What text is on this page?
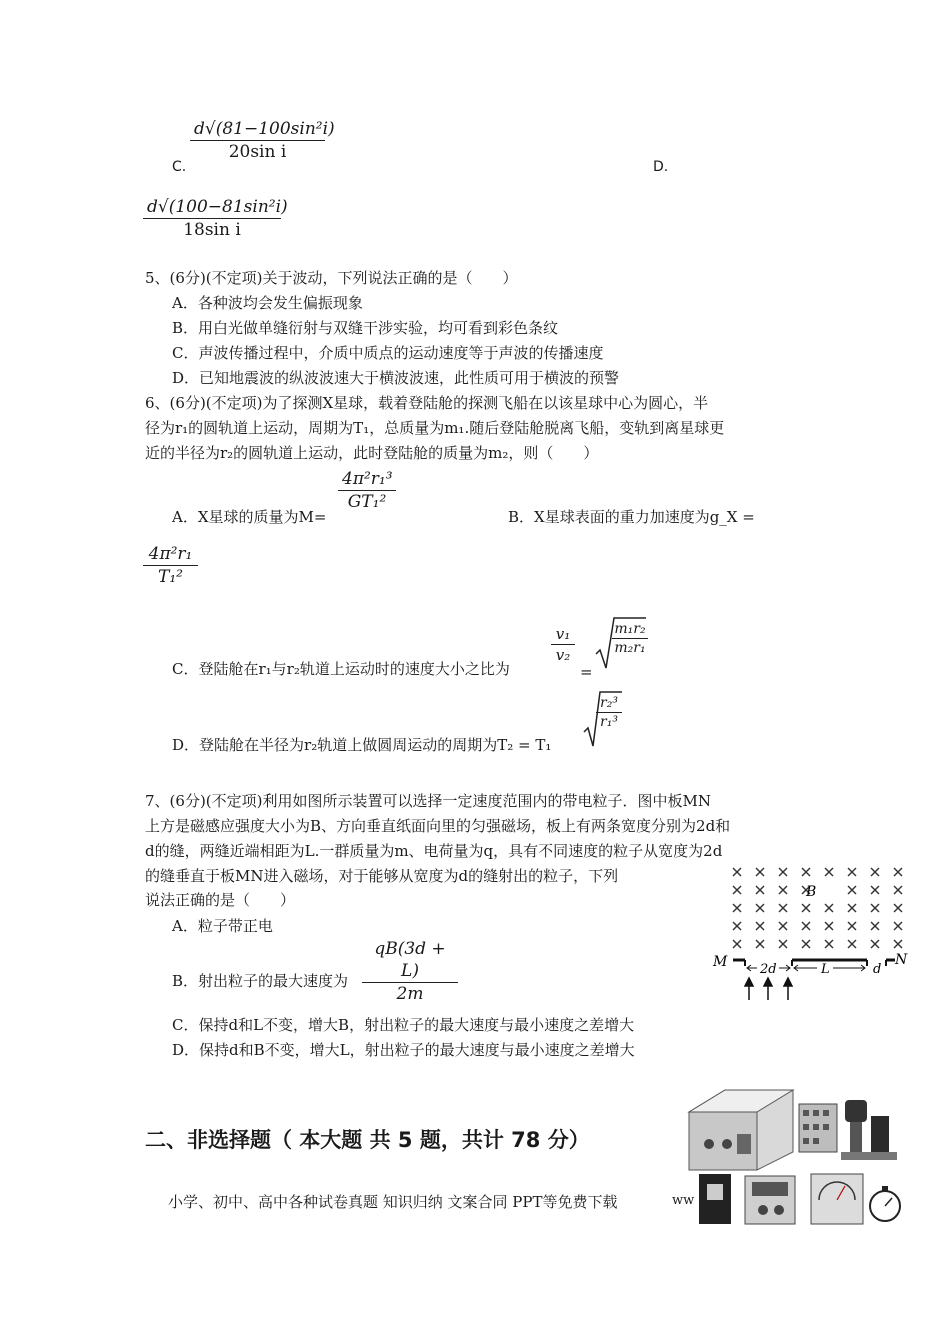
C.
d√(81−100sin²i)
20sin i
D.
d√(100−81sin²i)
18sin i
5、(6分)(不定项)关于波动，下列说法正确的是（　　）
A．各种波均会发生偏振现象
B．用白光做单缝衍射与双缝干涉实验，均可看到彩色条纹
C．声波传播过程中，介质中质点的运动速度等于声波的传播速度
D．已知地震波的纵波波速大于横波波速，此性质可用于横波的预警
6、(6分)(不定项)为了探测X星球，载着登陆舱的探测飞船在以该星球中心为圆心，半
径为r₁的圆轨道上运动，周期为T₁，总质量为m₁.随后登陆舱脱离飞船，变轨到离星球更
近的半径为r₂的圆轨道上运动，此时登陆舱的质量为m₂，则（　　）
A．X星球的质量为M=
4π²r₁³
GT₁²
B．X星球表面的重力加速度为g_X =
4π²r₁
T₁²
C．登陆舱在r₁与r₂轨道上运动时的速度大小之比为
v₁
v₂
=
m₁r₂
m₂r₁
D．登陆舱在半径为r₂轨道上做圆周运动的周期为T₂ = T₁
r₂³
r₁³
7、(6分)(不定项)利用如图所示装置可以选择一定速度范围内的带电粒子．图中板MN
上方是磁感应强度大小为B、方向垂直纸面向里的匀强磁场，板上有两条宽度分别为2d和
d的缝，两缝近端相距为L.一群质量为m、电荷量为q，具有不同速度的粒子从宽度为2d
的缝垂直于板MN进入磁场，对于能够从宽度为d的缝射出的粒子，下列
说法正确的是（　　）
A．粒子带正电
B．射出粒子的最大速度为
qB(3d + L)
2m
C．保持d和L不变，增大B，射出粒子的最大速度与最小速度之差增大
D．保持d和B不变，增大L，射出粒子的最大速度与最小速度之差增大
B
2d	L	d
M	N
二、非选择题（ 本大题 共 5 题，共计 78 分）
小学、初中、高中各种试卷真题 知识归纳 文案合同 PPT等免费下载	ww
